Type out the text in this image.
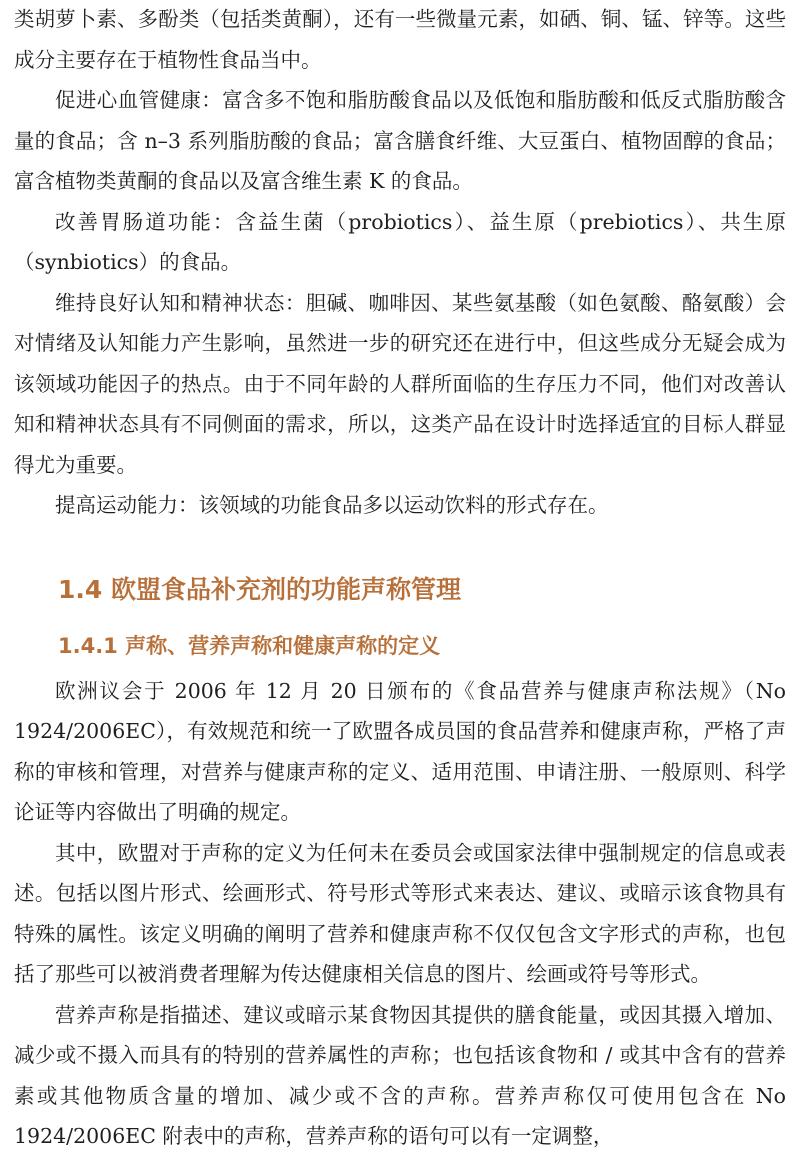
类胡萝卜素、多酚类（包括类黄酮），还有一些微量元素，如硒、铜、锰、锌等。这些成分主要存在于植物性食品当中。

促进心血管健康：富含多不饱和脂肪酸食品以及低饱和脂肪酸和低反式脂肪酸含量的食品；含 n–3 系列脂肪酸的食品；富含膳食纤维、大豆蛋白、植物固醇的食品；富含植物类黄酮的食品以及富含维生素 K 的食品。

改善胃肠道功能：含益生菌（probiotics）、益生原（prebiotics）、共生原（synbiotics）的食品。

维持良好认知和精神状态：胆碱、咖啡因、某些氨基酸（如色氨酸、酪氨酸）会对情绪及认知能力产生影响，虽然进一步的研究还在进行中，但这些成分无疑会成为该领域功能因子的热点。由于不同年龄的人群所面临的生存压力不同，他们对改善认知和精神状态具有不同侧面的需求，所以，这类产品在设计时选择适宜的目标人群显得尤为重要。

提高运动能力：该领域的功能食品多以运动饮料的形式存在。

1.4 欧盟食品补充剂的功能声称管理
1.4.1 声称、营养声称和健康声称的定义

欧洲议会于 2006 年 12 月 20 日颁布的《食品营养与健康声称法规》（No 1924/2006EC），有效规范和统一了欧盟各成员国的食品营养和健康声称，严格了声称的审核和管理，对营养与健康声称的定义、适用范围、申请注册、一般原则、科学论证等内容做出了明确的规定。

其中，欧盟对于声称的定义为任何未在委员会或国家法律中强制规定的信息或表述。包括以图片形式、绘画形式、符号形式等形式来表达、建议、或暗示该食物具有特殊的属性。该定义明确的阐明了营养和健康声称不仅仅包含文字形式的声称，也包括了那些可以被消费者理解为传达健康相关信息的图片、绘画或符号等形式。

营养声称是指描述、建议或暗示某食物因其提供的膳食能量，或因其摄入增加、减少或不摄入而具有的特别的营养属性的声称；也包括该食物和 / 或其中含有的营养素或其他物质含量的增加、减少或不含的声称。营养声称仅可使用包含在 No 1924/2006EC 附表中的声称，营养声称的语句可以有一定调整，
